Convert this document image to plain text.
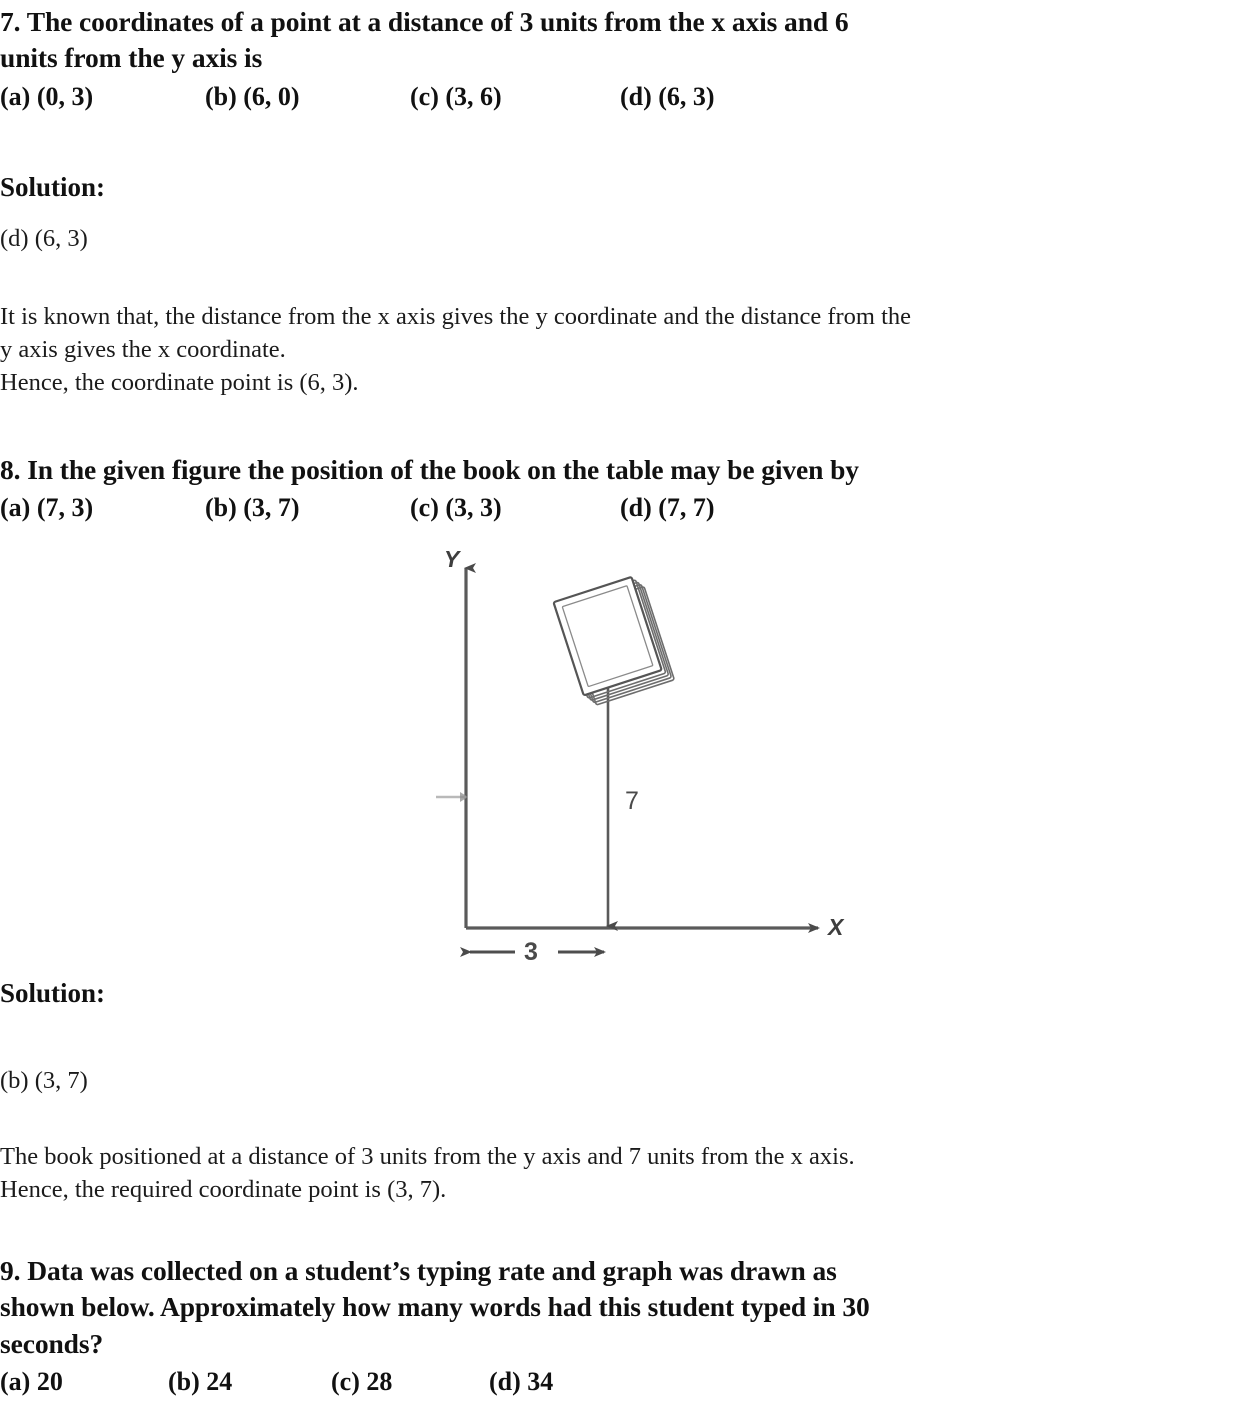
7. The coordinates of a point at a distance of 3 units from the x axis and 6
units from the y axis is
(a) (0, 3)	(b) (6, 0)	(c) (3, 6)	(d) (6, 3)
Solution:
(d) (6, 3)
It is known that, the distance from the x axis gives the y coordinate and the distance from the
y axis gives the x coordinate.
Hence, the coordinate point is (6, 3).
8. In the given figure the position of the book on the table may be given by
(a) (7, 3)	(b) (3, 7)	(c) (3, 3)	(d) (7, 7)
Y
X
7
3
Solution:
(b) (3, 7)
The book positioned at a distance of 3 units from the y axis and 7 units from the x axis.
Hence, the required coordinate point is (3, 7).
9. Data was collected on a student’s typing rate and graph was drawn as
shown below. Approximately how many words had this student typed in 30
seconds?
(a) 20	(b) 24	(c) 28	(d) 34
